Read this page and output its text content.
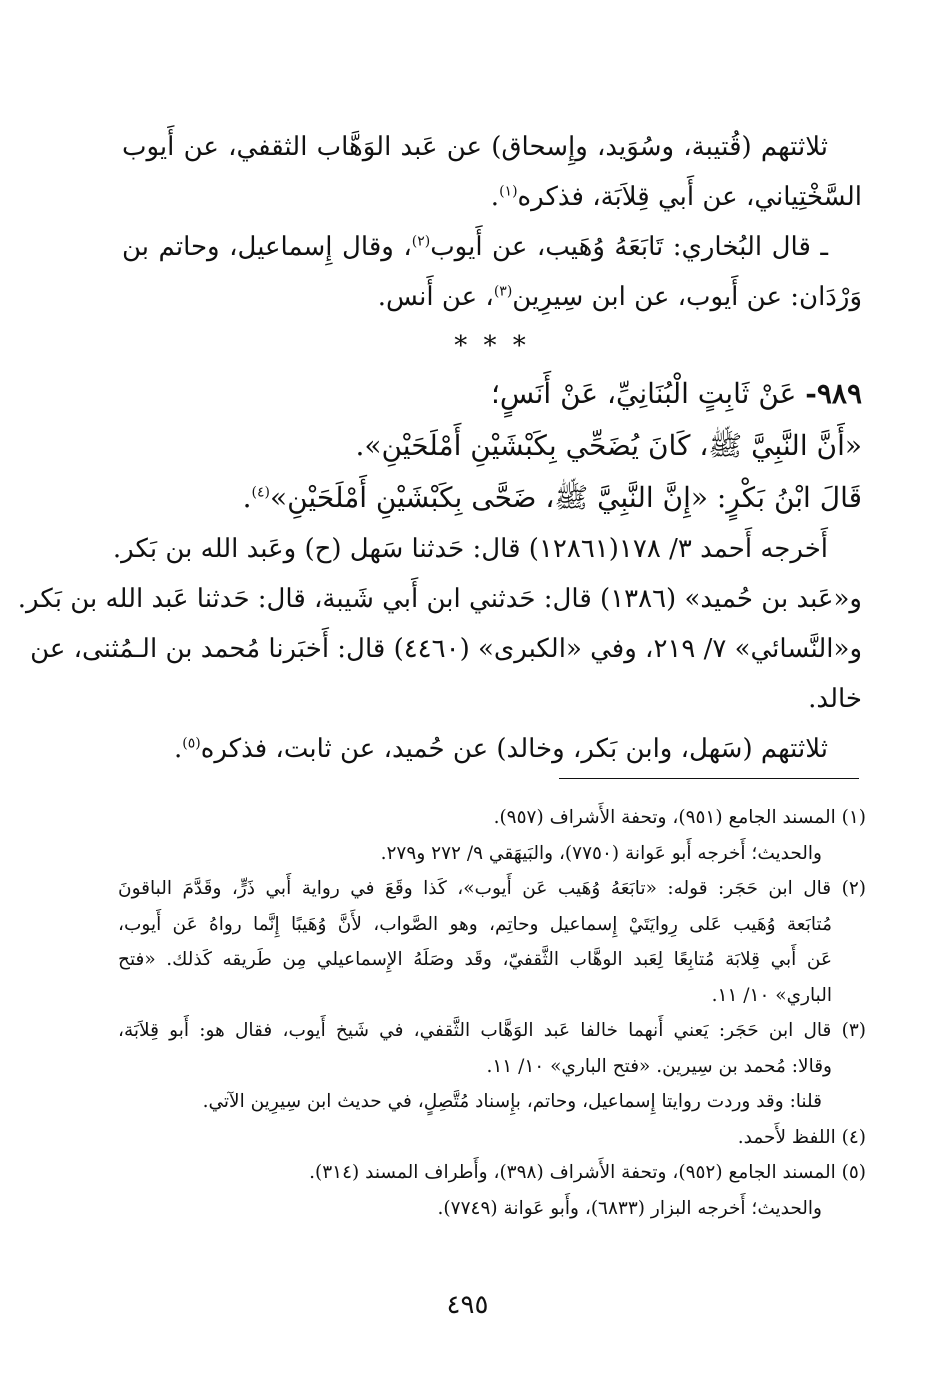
ثلاثتهم (قُتيبة، وسُوَيد، وإِسحاق) عن عَبد الوَهَّاب الثقفي، عن أَيوب
السَّخْتِياني، عن أَبي قِلاَبَة، فذكره$^{(١)}$.
ـ قال البُخاري: تَابَعَهُ وُهَيب، عن أَيوب$^{(٢)}$، وقال إِسماعيل، وحاتم بن
وَرْدَان: عن أَيوب، عن ابن سِيرِين$^{(٣)}$، عن أَنس.
* * *
٩٨٩- عَنْ ثَابِتٍ الْبُنَانِيِّ، عَنْ أَنَسٍ؛
«أَنَّ النَّبِيَّ ﷺ، كَانَ يُضَحِّي بِكَبْشَيْنِ أَمْلَحَيْنِ».
قَالَ ابْنُ بَكْرٍ: «إِنَّ النَّبِيَّ ﷺ، ضَحَّى بِكَبْشَيْنِ أَمْلَحَيْنِ»$^{(٤)}$.
أَخرجه أَحمد ٣/ ١٧٨(١٢٨٦١) قال: حَدثنا سَهل (ح) وعَبد الله بن بَكر.
و«عَبد بن حُميد» (١٣٨٦) قال: حَدثني ابن أَبي شَيبة، قال: حَدثنا عَبد الله بن بَكر.
و«النَّسائي» ٧/ ٢١٩، وفي «الكبرى» (٤٤٦٠) قال: أَخبَرنا مُحمد بن الـمُثنى، عن
خالد.
ثلاثتهم (سَهل، وابن بَكر، وخالد) عن حُميد، عن ثابت، فذكره$^{(٥)}$.
(١) المسند الجامع (٩٥١)، وتحفة الأَشراف (٩٥٧).
والحديث؛ أَخرجه أَبو عَوانة (٧٧٥٠)، والبَيهَقي ٩/ ٢٧٢ و٢٧٩.
(٢) قال ابن حَجَر: قوله: «تابَعَهُ وُهَيب عَن أَيوب»، كَذا وقَعَ في رواية أَبي ذَرٍّ، وقَدَّمَ الباقونَ
مُتابَعة وُهَيب عَلى رِوايَتَيْ إِسماعيل وحاتِم، وهو الصَّواب، لأَنَّ وُهَيبًا إِنَّما رواهُ عَن أَيوب،
عَن أَبي قِلابَة مُتابِعًا لِعَبد الوهَّاب الثَّقفيّ، وقَد وصَلَهُ الإِسماعيلي مِن طَريقه كَذلك. «فتح
الباري» ١٠/ ١١.
(٣) قال ابن حَجَر: يَعني أَنهما خالفا عَبد الوَهَّاب الثَّقفي، في شَيخ أَيوب، فقال هو: أَبو قِلاَبَة،
وقالا: مُحمد بن سِيرين. «فتح الباري» ١٠/ ١١.
قلنا: وقد وردت روايتا إِسماعيل، وحاتم، بإِسناد مُتَّصِلٍ، في حديث ابن سِيرِين الآتي.
(٤) اللفظ لأَحمد.
(٥) المسند الجامع (٩٥٢)، وتحفة الأَشراف (٣٩٨)، وأَطراف المسند (٣١٤).
والحديث؛ أَخرجه البزار (٦٨٣٣)، وأَبو عَوانة (٧٧٤٩).
٤٩٥
